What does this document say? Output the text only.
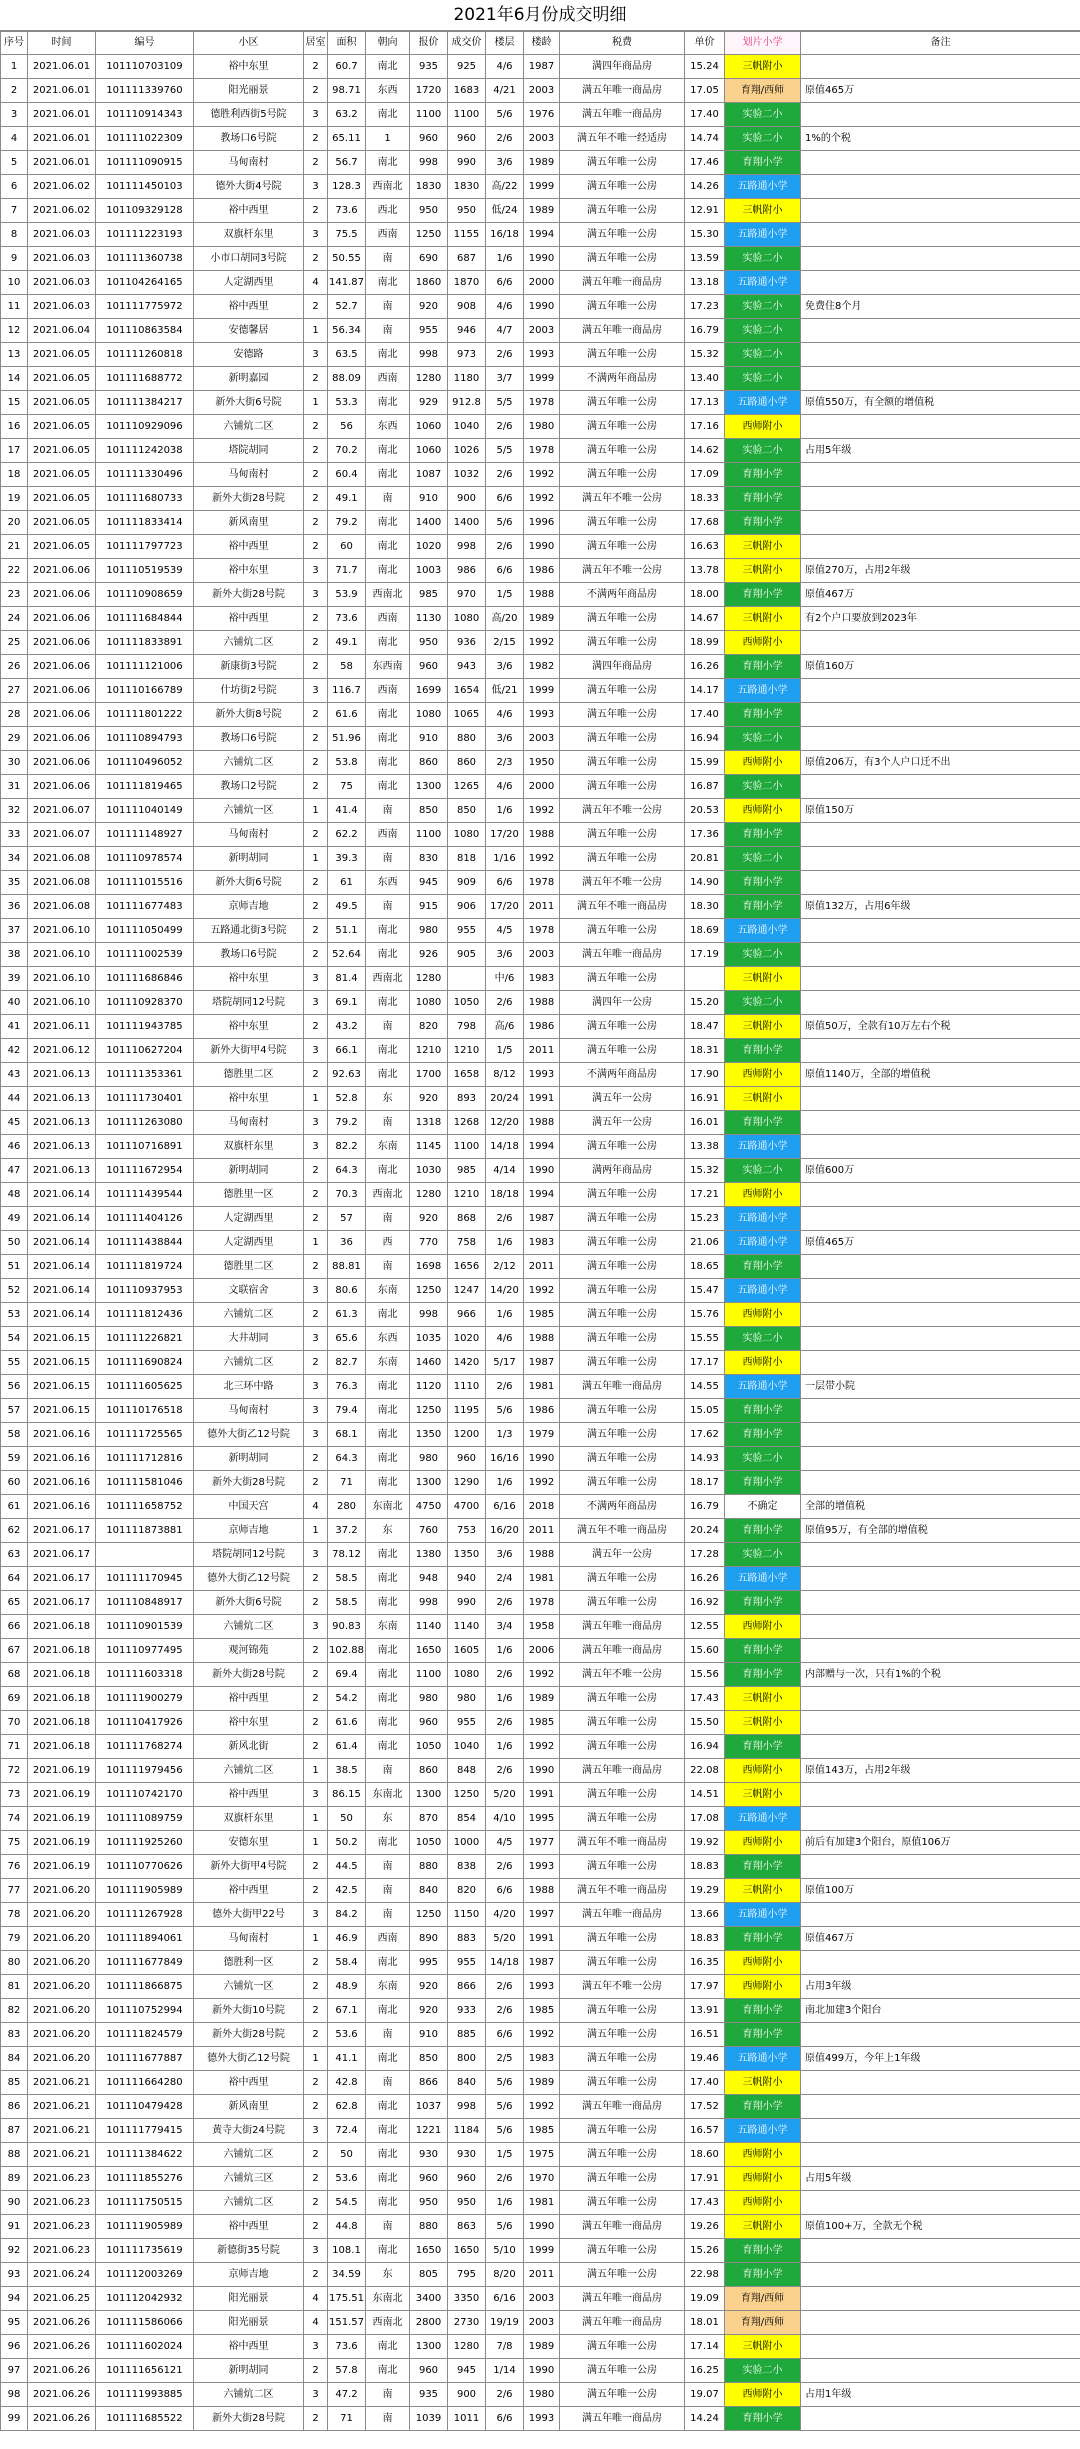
2021年6月份成交明细
序号	时间	编号	小区	居室	面积	朝向	报价	成交价	楼层	楼龄	税费	单价	划片小学	备注
1	2021.06.01	101110703109	裕中东里	2	60.7	南北	935	925	4/6	1987	满四年商品房	15.24	三帆附小	
2	2021.06.01	101111339760	阳光丽景	2	98.71	东西	1720	1683	4/21	2003	满五年唯一商品房	17.05	育翔/西师	原值465万
3	2021.06.01	101110914343	德胜利西街5号院	3	63.2	南北	1100	1100	5/6	1976	满五年唯一商品房	17.40	实验二小	
4	2021.06.01	101111022309	教场口6号院	2	65.11	1	960	960	2/6	2003	满五年不唯一经适房	14.74	实验二小	1%的个税
5	2021.06.01	101111090915	马甸南村	2	56.7	南北	998	990	3/6	1989	满五年唯一公房	17.46	育翔小学	
6	2021.06.02	101111450103	德外大街4号院	3	128.3	西南北	1830	1830	高/22	1999	满五年唯一公房	14.26	五路通小学	
7	2021.06.02	101109329128	裕中西里	2	73.6	西北	950	950	低/24	1989	满五年唯一公房	12.91	三帆附小	
8	2021.06.03	101111223193	双旗杆东里	3	75.5	西南	1250	1155	16/18	1994	满五年唯一公房	15.30	五路通小学	
9	2021.06.03	101111360738	小市口胡同3号院	2	50.55	南	690	687	1/6	1990	满五年唯一公房	13.59	实验二小	
10	2021.06.03	101104264165	人定湖西里	4	141.87	南北	1860	1870	6/6	2000	满五年唯一商品房	13.18	五路通小学	
11	2021.06.03	101111775972	裕中西里	2	52.7	南	920	908	4/6	1990	满五年唯一公房	17.23	实验二小	免费住8个月
12	2021.06.04	101110863584	安德馨居	1	56.34	南	955	946	4/7	2003	满五年唯一商品房	16.79	实验二小	
13	2021.06.05	101111260818	安德路	3	63.5	南北	998	973	2/6	1993	满五年唯一公房	15.32	实验二小	
14	2021.06.05	101111688772	新明嘉园	2	88.09	西南	1280	1180	3/7	1999	不满两年商品房	13.40	实验二小	
15	2021.06.05	101111384217	新外大街6号院	1	53.3	南北	929	912.8	5/5	1978	满五年唯一公房	17.13	五路通小学	原值550万，有全额的增值税
16	2021.06.05	101110929096	六铺炕二区	2	56	东西	1060	1040	2/6	1980	满五年唯一公房	17.16	西师附小	
17	2021.06.05	101111242038	塔院胡同	2	70.2	南北	1060	1026	5/5	1978	满五年唯一公房	14.62	实验二小	占用5年级
18	2021.06.05	101111330496	马甸南村	2	60.4	南北	1087	1032	2/6	1992	满五年唯一公房	17.09	育翔小学	
19	2021.06.05	101111680733	新外大街28号院	2	49.1	南	910	900	6/6	1992	满五年不唯一公房	18.33	育翔小学	
20	2021.06.05	101111833414	新风南里	2	79.2	南北	1400	1400	5/6	1996	满五年唯一公房	17.68	育翔小学	
21	2021.06.05	101111797723	裕中西里	2	60	南北	1020	998	2/6	1990	满五年唯一公房	16.63	三帆附小	
22	2021.06.06	101110519539	裕中东里	3	71.7	南北	1003	986	6/6	1986	满五年不唯一公房	13.78	三帆附小	原值270万，占用2年级
23	2021.06.06	101110908659	新外大街28号院	3	53.9	西南北	985	970	1/5	1988	不满两年商品房	18.00	育翔小学	原值467万
24	2021.06.06	101111684844	裕中西里	2	73.6	西南	1130	1080	高/20	1989	满五年唯一公房	14.67	三帆附小	有2个户口要放到2023年
25	2021.06.06	101111833891	六铺炕二区	2	49.1	南北	950	936	2/15	1992	满五年唯一公房	18.99	西师附小	
26	2021.06.06	101111121006	新康街3号院	2	58	东西南	960	943	3/6	1982	满四年商品房	16.26	育翔小学	原值160万
27	2021.06.06	101110166789	什坊街2号院	3	116.7	西南	1699	1654	低/21	1999	满五年唯一公房	14.17	五路通小学	
28	2021.06.06	101111801222	新外大街8号院	2	61.6	南北	1080	1065	4/6	1993	满五年唯一公房	17.40	育翔小学	
29	2021.06.06	101110894793	教场口6号院	2	51.96	南北	910	880	3/6	2003	满五年唯一公房	16.94	实验二小	
30	2021.06.06	101110496052	六铺炕二区	2	53.8	南北	860	860	2/3	1950	满五年唯一公房	15.99	西师附小	原值206万，有3个人户口迁不出
31	2021.06.06	101111819465	教场口2号院	2	75	南北	1300	1265	4/6	2000	满五年唯一公房	16.87	实验二小	
32	2021.06.07	101111040149	六铺炕一区	1	41.4	南	850	850	1/6	1992	满五年不唯一公房	20.53	西师附小	原值150万
33	2021.06.07	101111148927	马甸南村	2	62.2	西南	1100	1080	17/20	1988	满五年唯一公房	17.36	育翔小学	
34	2021.06.08	101110978574	新明胡同	1	39.3	南	830	818	1/16	1992	满五年唯一公房	20.81	实验二小	
35	2021.06.08	101111015516	新外大街6号院	2	61	东西	945	909	6/6	1978	满五年不唯一公房	14.90	育翔小学	
36	2021.06.08	101111677483	京师吉地	2	49.5	南	915	906	17/20	2011	满五年不唯一商品房	18.30	育翔小学	原值132万，占用6年级
37	2021.06.10	101111050499	五路通北街3号院	2	51.1	南北	980	955	4/5	1978	满五年唯一公房	18.69	五路通小学	
38	2021.06.10	101111002539	教场口6号院	2	52.64	南北	926	905	3/6	2003	满五年唯一商品房	17.19	实验二小	
39	2021.06.10	101111686846	裕中东里	3	81.4	西南北	1280		中/6	1983	满五年唯一公房		三帆附小	
40	2021.06.10	101110928370	塔院胡同12号院	3	69.1	南北	1080	1050	2/6	1988	满四年一公房	15.20	实验二小	
41	2021.06.11	101111943785	裕中东里	2	43.2	南	820	798	高/6	1986	满五年唯一公房	18.47	三帆附小	原值50万，全款有10万左右个税
42	2021.06.12	101110627204	新外大街甲4号院	3	66.1	南北	1210	1210	1/5	2011	满五年唯一公房	18.31	育翔小学	
43	2021.06.13	101111353361	德胜里二区	2	92.63	南北	1700	1658	8/12	1993	不满两年商品房	17.90	西师附小	原值1140万，全部的增值税
44	2021.06.13	101111730401	裕中东里	1	52.8	东	920	893	20/24	1991	满五年一公房	16.91	三帆附小	
45	2021.06.13	101111263080	马甸南村	3	79.2	南	1318	1268	12/20	1988	满五年一公房	16.01	育翔小学	
46	2021.06.13	101110716891	双旗杆东里	3	82.2	东南	1145	1100	14/18	1994	满五年唯一公房	13.38	五路通小学	
47	2021.06.13	101111672954	新明胡同	2	64.3	南北	1030	985	4/14	1990	满两年商品房	15.32	实验二小	原值600万
48	2021.06.14	101111439544	德胜里一区	2	70.3	西南北	1280	1210	18/18	1994	满五年唯一公房	17.21	西师附小	
49	2021.06.14	101111404126	人定湖西里	2	57	南	920	868	2/6	1987	满五年唯一公房	15.23	五路通小学	
50	2021.06.14	101111438844	人定湖西里	1	36	西	770	758	1/6	1983	满五年唯一公房	21.06	五路通小学	原值465万
51	2021.06.14	101111819724	德胜里二区	2	88.81	南	1698	1656	2/12	2011	满五年唯一公房	18.65	育翔小学	
52	2021.06.14	101110937953	文联宿舍	3	80.6	东南	1250	1247	14/20	1992	满五年唯一公房	15.47	五路通小学	
53	2021.06.14	101111812436	六铺炕二区	2	61.3	南北	998	966	1/6	1985	满五年唯一公房	15.76	西师附小	
54	2021.06.15	101111226821	大井胡同	3	65.6	东西	1035	1020	4/6	1988	满五年唯一公房	15.55	实验二小	
55	2021.06.15	101111690824	六铺炕二区	2	82.7	东南	1460	1420	5/17	1987	满五年唯一公房	17.17	西师附小	
56	2021.06.15	101111605625	北三环中路	3	76.3	南北	1120	1110	2/6	1981	满五年唯一商品房	14.55	五路通小学	一层带小院
57	2021.06.15	101110176518	马甸南村	3	79.4	南北	1250	1195	5/6	1986	满五年唯一公房	15.05	育翔小学	
58	2021.06.16	101111725565	德外大街乙12号院	3	68.1	南北	1350	1200	1/3	1979	满五年唯一公房	17.62	育翔小学	
59	2021.06.16	101111712816	新明胡同	2	64.3	南北	980	960	16/16	1990	满五年唯一公房	14.93	实验二小	
60	2021.06.16	101111581046	新外大街28号院	2	71	南北	1300	1290	1/6	1992	满五年唯一公房	18.17	育翔小学	
61	2021.06.16	101111658752	中国天宫	4	280	东南北	4750	4700	6/16	2018	不满两年商品房	16.79	不确定	全部的增值税
62	2021.06.17	101111873881	京师吉地	1	37.2	东	760	753	16/20	2011	满五年不唯一商品房	20.24	育翔小学	原值95万，有全部的增值税
63	2021.06.17		塔院胡同12号院	3	78.12	南北	1380	1350	3/6	1988	满五年一公房	17.28	实验二小	
64	2021.06.17	101111170945	德外大街乙12号院	2	58.5	南北	948	940	2/4	1981	满五年唯一公房	16.26	五路通小学	
65	2021.06.17	101110848917	新外大街6号院	2	58.5	南北	998	990	2/6	1978	满五年唯一公房	16.92	育翔小学	
66	2021.06.18	101110901539	六铺炕二区	3	90.83	东南	1140	1140	3/4	1958	满五年唯一商品房	12.55	西师附小	
67	2021.06.18	101110977495	观河锦苑	2	102.88	南北	1650	1605	1/6	2006	满五年唯一商品房	15.60	育翔小学	
68	2021.06.18	101111603318	新外大街28号院	2	69.4	南北	1100	1080	2/6	1992	满五年不唯一公房	15.56	育翔小学	内部赠与一次，只有1%的个税
69	2021.06.18	101111900279	裕中西里	2	54.2	南北	980	980	1/6	1989	满五年唯一公房	17.43	三帆附小	
70	2021.06.18	101110417926	裕中东里	2	61.6	南北	960	955	2/6	1985	满五年唯一公房	15.50	三帆附小	
71	2021.06.18	101111768274	新风北街	2	61.4	南北	1050	1040	1/6	1992	满五年唯一公房	16.94	育翔小学	
72	2021.06.19	101111979456	六铺炕二区	1	38.5	南	860	848	2/6	1990	满五年唯一商品房	22.08	西师附小	原值143万，占用2年级
73	2021.06.19	101110742170	裕中西里	3	86.15	东南北	1300	1250	5/20	1991	满五年唯一公房	14.51	三帆附小	
74	2021.06.19	101111089759	双旗杆东里	1	50	东	870	854	4/10	1995	满五年唯一公房	17.08	五路通小学	
75	2021.06.19	101111925260	安德东里	1	50.2	南北	1050	1000	4/5	1977	满五年不唯一商品房	19.92	西师附小	前后有加建3个阳台，原值106万
76	2021.06.19	101110770626	新外大街甲4号院	2	44.5	南	880	838	2/6	1993	满五年唯一公房	18.83	育翔小学	
77	2021.06.20	101111905989	裕中西里	2	42.5	南	840	820	6/6	1988	满五年不唯一商品房	19.29	三帆附小	原值100万
78	2021.06.20	101111267928	德外大街甲22号	3	84.2	南	1250	1150	4/20	1997	满五年唯一商品房	13.66	五路通小学	
79	2021.06.20	101111894061	马甸南村	1	46.9	西南	890	883	5/20	1991	满五年唯一公房	18.83	育翔小学	原值467万
80	2021.06.20	101111677849	德胜利一区	2	58.4	南北	995	955	14/18	1987	满五年唯一公房	16.35	西师附小	
81	2021.06.20	101111866875	六铺炕一区	2	48.9	东南	920	866	2/6	1993	满五年不唯一公房	17.97	西师附小	占用3年级
82	2021.06.20	101110752994	新外大街10号院	2	67.1	南北	920	933	2/6	1985	满五年唯一公房	13.91	育翔小学	南北加建3个阳台
83	2021.06.20	101111824579	新外大街28号院	2	53.6	南	910	885	6/6	1992	满五年唯一公房	16.51	育翔小学	
84	2021.06.20	101111677887	德外大街乙12号院	1	41.1	南北	850	800	2/5	1983	满五年唯一公房	19.46	五路通小学	原值499万，今年上1年级
85	2021.06.21	101111664280	裕中西里	2	42.8	南	866	840	5/6	1989	满五年唯一公房	17.40	三帆附小	
86	2021.06.21	101110479428	新风南里	2	62.8	南北	1037	998	5/6	1992	满五年唯一商品房	17.52	育翔小学	
87	2021.06.21	101111779415	黄寺大街24号院	3	72.4	南北	1221	1184	5/6	1985	满五年唯一公房	16.57	五路通小学	
88	2021.06.21	101111384622	六铺炕二区	2	50	南北	930	930	1/5	1975	满五年唯一公房	18.60	西师附小	
89	2021.06.23	101111855276	六铺炕三区	2	53.6	南北	960	960	2/6	1970	满五年唯一公房	17.91	西师附小	占用5年级
90	2021.06.23	101111750515	六铺炕二区	2	54.5	南北	950	950	1/6	1981	满五年唯一公房	17.43	西师附小	
91	2021.06.23	101111905989	裕中西里	2	44.8	南	880	863	5/6	1990	满五年唯一商品房	19.26	三帆附小	原值100+万，全款无个税
92	2021.06.23	101111735619	新德街35号院	3	108.1	南北	1650	1650	5/10	1999	满五年唯一公房	15.26	育翔小学	
93	2021.06.24	101112003269	京师吉地	2	34.59	东	805	795	8/20	2011	满五年唯一公房	22.98	育翔小学	
94	2021.06.25	101112042932	阳光丽景	4	175.51	东南北	3400	3350	6/16	2003	满五年唯一商品房	19.09	育翔/西师	
95	2021.06.26	101111586066	阳光丽景	4	151.57	西南北	2800	2730	19/19	2003	满五年唯一商品房	18.01	育翔/西师	
96	2021.06.26	101111602024	裕中西里	3	73.6	南北	1300	1280	7/8	1989	满五年唯一公房	17.14	三帆附小	
97	2021.06.26	101111656121	新明胡同	2	57.8	南北	960	945	1/14	1990	满五年唯一公房	16.25	实验二小	
98	2021.06.26	101111993885	六铺炕二区	3	47.2	南	935	900	2/6	1980	满五年唯一公房	19.07	西师附小	占用1年级
99	2021.06.26	101111685522	新外大街28号院	2	71	南	1039	1011	6/6	1993	满五年唯一商品房	14.24	育翔小学	
